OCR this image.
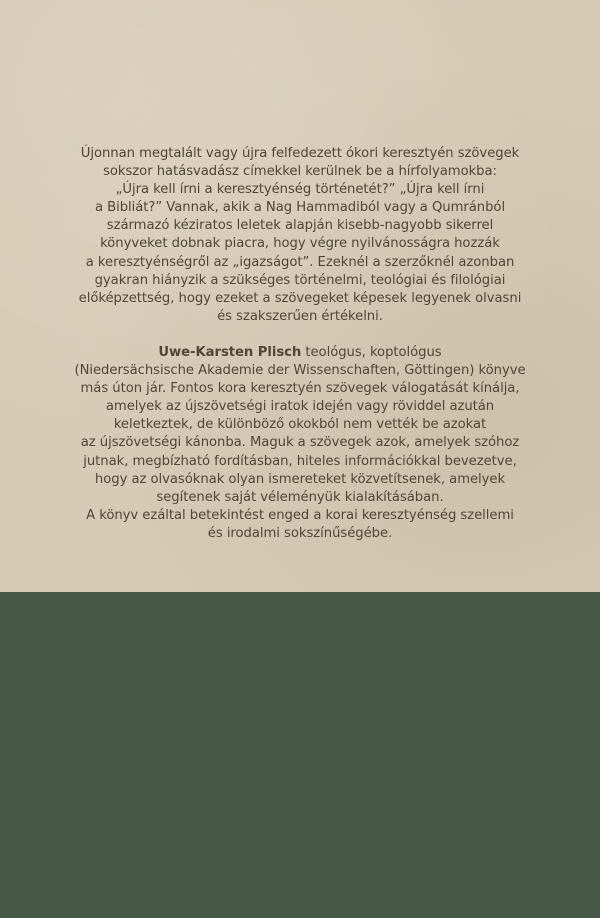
Újonnan megtalált vagy újra felfedezett ókori keresztyén szövegek
sokszor hatásvadász címekkel kerülnek be a hírfolyamokba:
„Újra kell írni a keresztyénség történetét?” „Újra kell írni
a Bibliát?” Vannak, akik a Nag Hammadiból vagy a Qumránból
származó kéziratos leletek alapján kisebb-nagyobb sikerrel
könyveket dobnak piacra, hogy végre nyilvánosságra hozzák
a keresztyénségről az „igazságot”. Ezeknél a szerzőknél azonban
gyakran hiányzik a szükséges történelmi, teológiai és filológiai
előképzettség, hogy ezeket a szövegeket képesek legyenek olvasni
és szakszerűen értékelni.
Uwe-Karsten Plisch teológus, koptológus
(Niedersächsische Akademie der Wissenschaften, Göttingen) könyve
más úton jár. Fontos kora keresztyén szövegek válogatását kínálja,
amelyek az újszövetségi iratok idején vagy röviddel azután
keletkeztek, de különböző okokból nem vették be azokat
az újszövetségi kánonba. Maguk a szövegek azok, amelyek szóhoz
jutnak, megbízható fordításban, hiteles információkkal bevezetve,
hogy az olvasóknak olyan ismereteket közvetítsenek, amelyek
segítenek saját véleményük kialakításában.
A könyv ezáltal betekintést enged a korai keresztyénség szellemi
és irodalmi sokszínűségébe.
